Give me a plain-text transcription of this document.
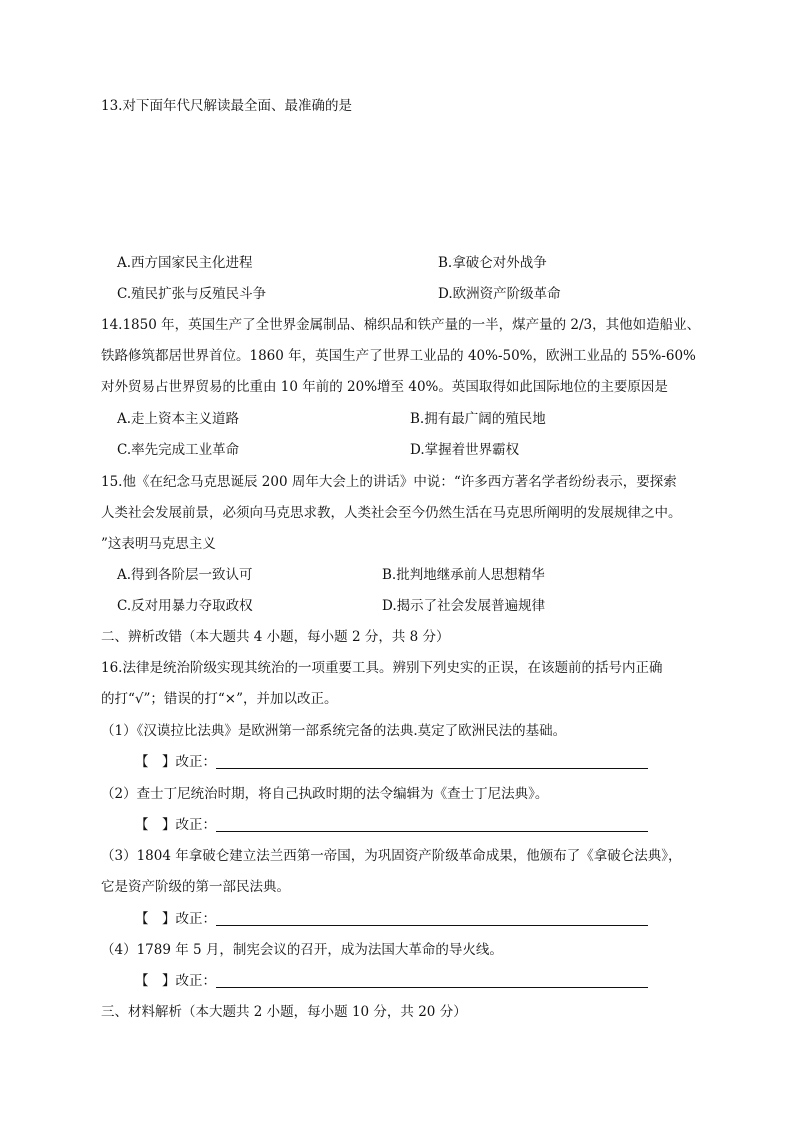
13.对下面年代尺解读最全面、最准确的是
A.西方国家民主化进程	B.拿破仑对外战争
C.殖民扩张与反殖民斗争	D.欧洲资产阶级革命
14.1850 年，英国生产了全世界金属制品、棉织品和铁产量的一半，煤产量的 2/3，其他如造船业、
铁路修筑都居世界首位。1860 年，英国生产了世界工业品的 40%-50%，欧洲工业品的 55%-60%
对外贸易占世界贸易的比重由 10 年前的 20%增至 40%。英国取得如此国际地位的主要原因是
A.走上资本主义道路	B.拥有最广阔的殖民地
C.率先完成工业革命	D.掌握着世界霸权
15.他《在纪念马克思诞辰 200 周年大会上的讲话》中说：“许多西方著名学者纷纷表示，要探索
人类社会发展前景，必须向马克思求教，人类社会至今仍然生活在马克思所阐明的发展规律之中。
”这表明马克思主义
A.得到各阶层一致认可	B.批判地继承前人思想精华
C.反对用暴力夺取政权	D.揭示了社会发展普遍规律
二、辨析改错（本大题共 4 小题，每小题 2 分，共 8 分）
16.法律是统治阶级实现其统治的一项重要工具。辨别下列史实的正误，在该题前的括号内正确
的打“√”；错误的打“×”，并加以改正。
（1）《汉谟拉比法典》是欧洲第一部系统完备的法典.莫定了欧洲民法的基础。
【　】改正：
（2）查士丁尼统治时期，将自己执政时期的法令编辑为《查士丁尼法典》。
【　】改正：
（3）1804 年拿破仑建立法兰西第一帝国，为巩固资产阶级革命成果，他颁布了《拿破仑法典》，
它是资产阶级的第一部民法典。
【　】改正：
（4）1789 年 5 月，制宪会议的召开，成为法国大革命的导火线。
【　】改正：
三、材料解析（本大题共 2 小题，每小题 10 分，共 20 分）
